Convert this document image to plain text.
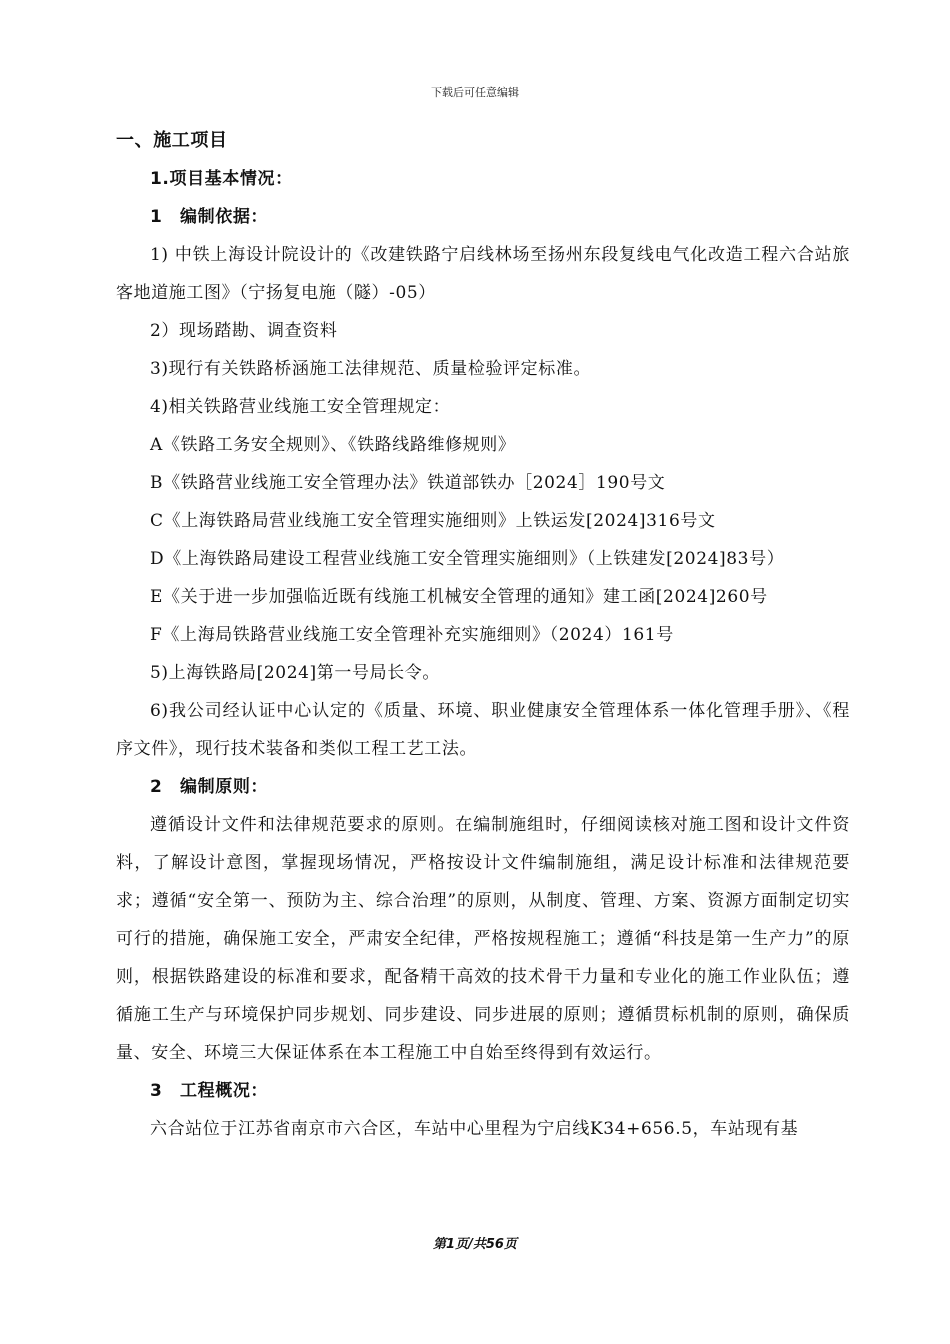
下载后可任意编辑

一、施工项目

1.项目基本情况：

1　编制依据：

1) 中铁上海设计院设计的《改建铁路宁启线林场至扬州东段复线电气化改造工程六合站旅客地道施工图》（宁扬复电施（隧）-05）

2）现场踏勘、调查资料

3)现行有关铁路桥涵施工法律规范、质量检验评定标准。

4)相关铁路营业线施工安全管理规定：

A《铁路工务安全规则》、《铁路线路维修规则》

B《铁路营业线施工安全管理办法》铁道部铁办［2024］190号文

C《上海铁路局营业线施工安全管理实施细则》上铁运发[2024]316号文

D《上海铁路局建设工程营业线施工安全管理实施细则》（上铁建发[2024]83号）

E《关于进一步加强临近既有线施工机械安全管理的通知》建工函[2024]260号

F《上海局铁路营业线施工安全管理补充实施细则》（2024）161号

5)上海铁路局[2024]第一号局长令。

6)我公司经认证中心认定的《质量、环境、职业健康安全管理体系一体化管理手册》、《程序文件》，现行技术装备和类似工程工艺工法。

2　编制原则：

遵循设计文件和法律规范要求的原则。在编制施组时，仔细阅读核对施工图和设计文件资料，了解设计意图，掌握现场情况，严格按设计文件编制施组，满足设计标准和法律规范要求；遵循“安全第一、预防为主、综合治理”的原则，从制度、管理、方案、资源方面制定切实可行的措施，确保施工安全，严肃安全纪律，严格按规程施工；遵循“科技是第一生产力”的原则，根据铁路建设的标准和要求，配备精干高效的技术骨干力量和专业化的施工作业队伍；遵循施工生产与环境保护同步规划、同步建设、同步进展的原则；遵循贯标机制的原则，确保质量、安全、环境三大保证体系在本工程施工中自始至终得到有效运行。

3　工程概况：

六合站位于江苏省南京市六合区，车站中心里程为宁启线K34+656.5，车站现有基

第1页/共56页
